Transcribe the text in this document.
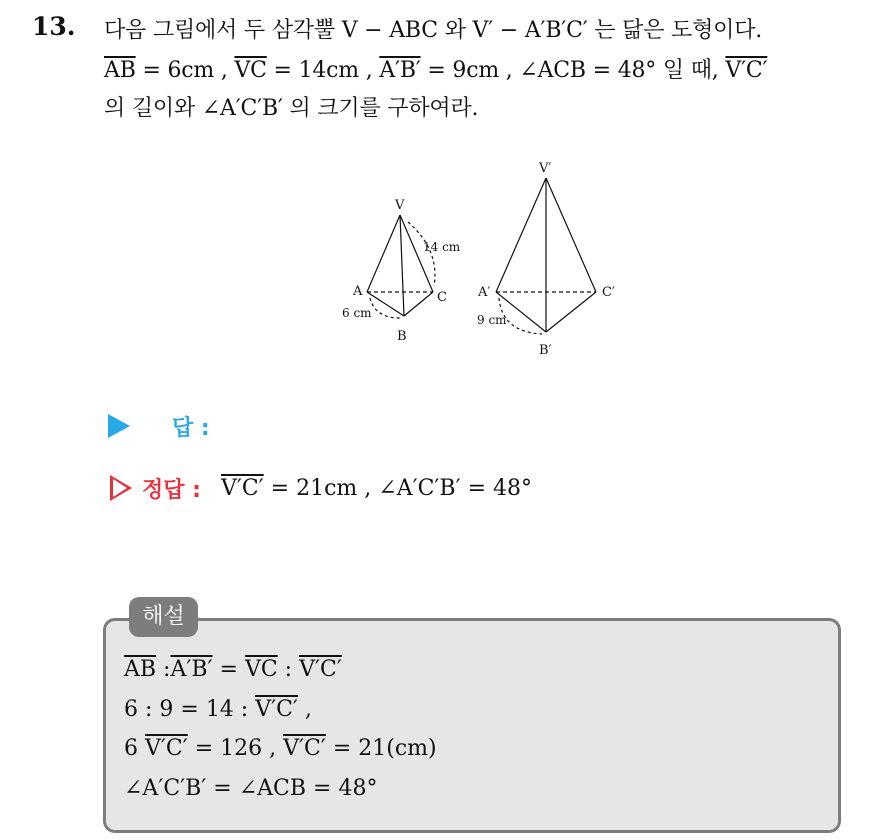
13. 다음 그림에서 두 삼각뿔 V − ABC 와 V′ − A′B′C′ 는 닮은 도형이다.
$\overline{AB} = 6cm$ , $\overline{VC} = 14cm$ , A′B′ = 9cm , ∠ACB = 48° 일 때, V′C′
의 길이와 ∠A′C′B′ 의 크기를 구하여라.
V
A	C
B
14 cm
6 cm
V′
A′	C′
B′
9 cm
답 :
정답 : V′C′ = 21cm , ∠A′C′B′ = 48°
해설
$\overline{AB}$ :A′B′ = $\overline{VC}$ : V′C′
6 : 9 = 14 : V′C′ ,
6 V′C′ = 126 , V′C′ = 21(cm)
∠A′C′B′ = ∠ACB = 48°
